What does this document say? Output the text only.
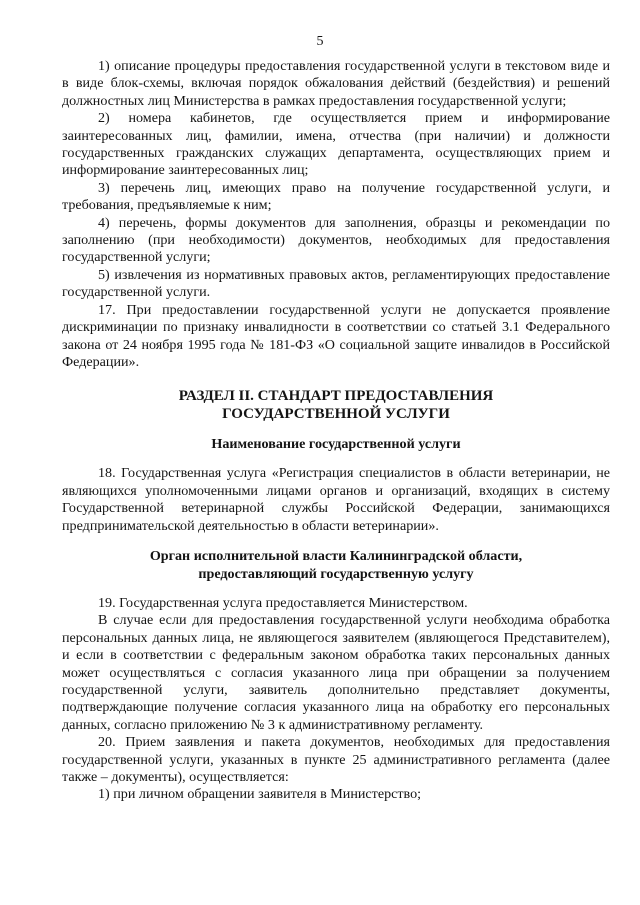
5

1) описание процедуры предоставления государственной услуги в текстовом виде и в виде блок-схемы, включая порядок обжалования действий (бездействия) и решений должностных лиц Министерства в рамках предоставления государственной услуги;

2) номера кабинетов, где осуществляется прием и информирование заинтересованных лиц, фамилии, имена, отчества (при наличии) и должности государственных гражданских служащих департамента, осуществляющих прием и информирование заинтересованных лиц;

3) перечень лиц, имеющих право на получение государственной услуги, и требования, предъявляемые к ним;

4) перечень, формы документов для заполнения, образцы и рекомендации по заполнению (при необходимости) документов, необходимых для предоставления государственной услуги;

5) извлечения из нормативных правовых актов, регламентирующих предоставление государственной услуги.

17. При предоставлении государственной услуги не допускается проявление дискриминации по признаку инвалидности в соответствии со статьей 3.1 Федерального закона от 24 ноября 1995 года № 181-ФЗ «О социальной защите инвалидов в Российской Федерации».

РАЗДЕЛ II. СТАНДАРТ ПРЕДОСТАВЛЕНИЯ
ГОСУДАРСТВЕННОЙ УСЛУГИ
Наименование государственной услуги

18. Государственная услуга «Регистрация специалистов в области ветеринарии, не являющихся уполномоченными лицами органов и организаций, входящих в систему Государственной ветеринарной службы Российской Федерации, занимающихся предпринимательской деятельностью в области ветеринарии».

Орган исполнительной власти Калининградской области,
предоставляющий государственную услугу

19. Государственная услуга предоставляется Министерством.

В случае если для предоставления государственной услуги необходима обработка персональных данных лица, не являющегося заявителем (являющегося Представителем), и если в соответствии с федеральным законом обработка таких персональных данных может осуществляться с согласия указанного лица при обращении за получением государственной услуги, заявитель дополнительно представляет документы, подтверждающие получение согласия указанного лица на обработку его персональных данных, согласно приложению № 3 к административному регламенту.

20. Прием заявления и пакета документов, необходимых для предоставления государственной услуги, указанных в пункте 25 административного регламента (далее также – документы), осуществляется:

1) при личном обращении заявителя в Министерство;
